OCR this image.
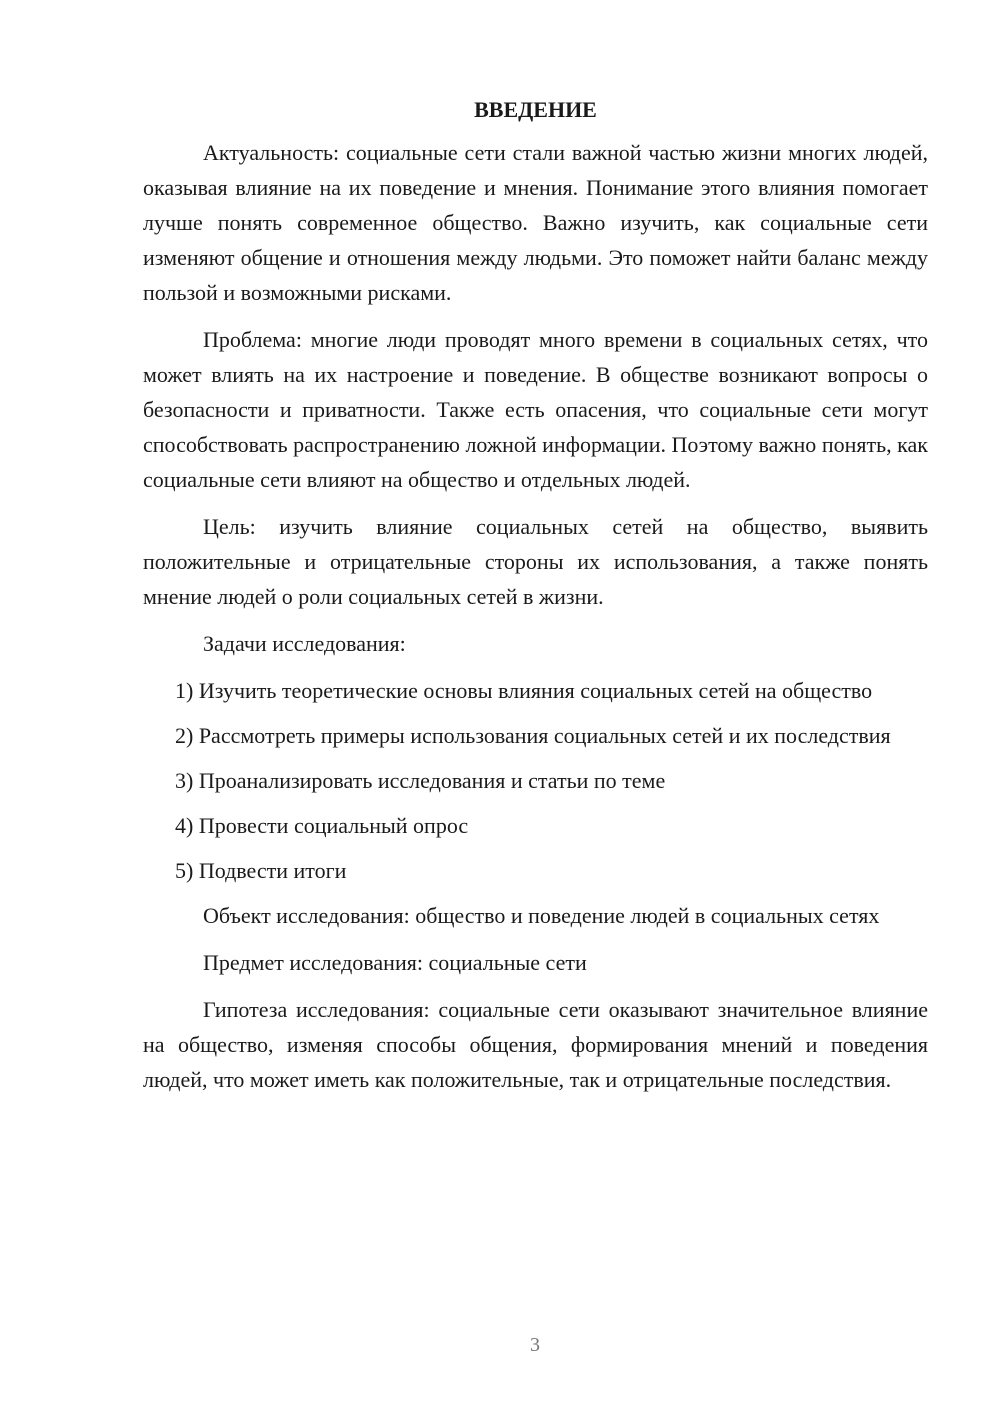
ВВЕДЕНИЕ

Актуальность: социальные сети стали важной частью жизни многих людей, оказывая влияние на их поведение и мнения. Понимание этого влияния помогает лучше понять современное общество. Важно изучить, как социальные сети изменяют общение и отношения между людьми. Это поможет найти баланс между пользой и возможными рисками.

Проблема: многие люди проводят много времени в социальных сетях, что может влиять на их настроение и поведение. В обществе возникают вопросы о безопасности и приватности. Также есть опасения, что социальные сети могут способствовать распространению ложной информации. Поэтому важно понять, как социальные сети влияют на общество и отдельных людей.

Цель: изучить влияние социальных сетей на общество, выявить положительные и отрицательные стороны их использования, а также понять мнение людей о роли социальных сетей в жизни.

Задачи исследования:

1) Изучить теоретические основы влияния социальных сетей на общество

2) Рассмотреть примеры использования социальных сетей и их последствия

3) Проанализировать исследования и статьи по теме

4) Провести социальный опрос

5) Подвести итоги

Объект исследования: общество и поведение людей в социальных сетях

Предмет исследования: социальные сети

Гипотеза исследования: социальные сети оказывают значительное влияние на общество, изменяя способы общения, формирования мнений и поведения людей, что может иметь как положительные, так и отрицательные последствия.

3
